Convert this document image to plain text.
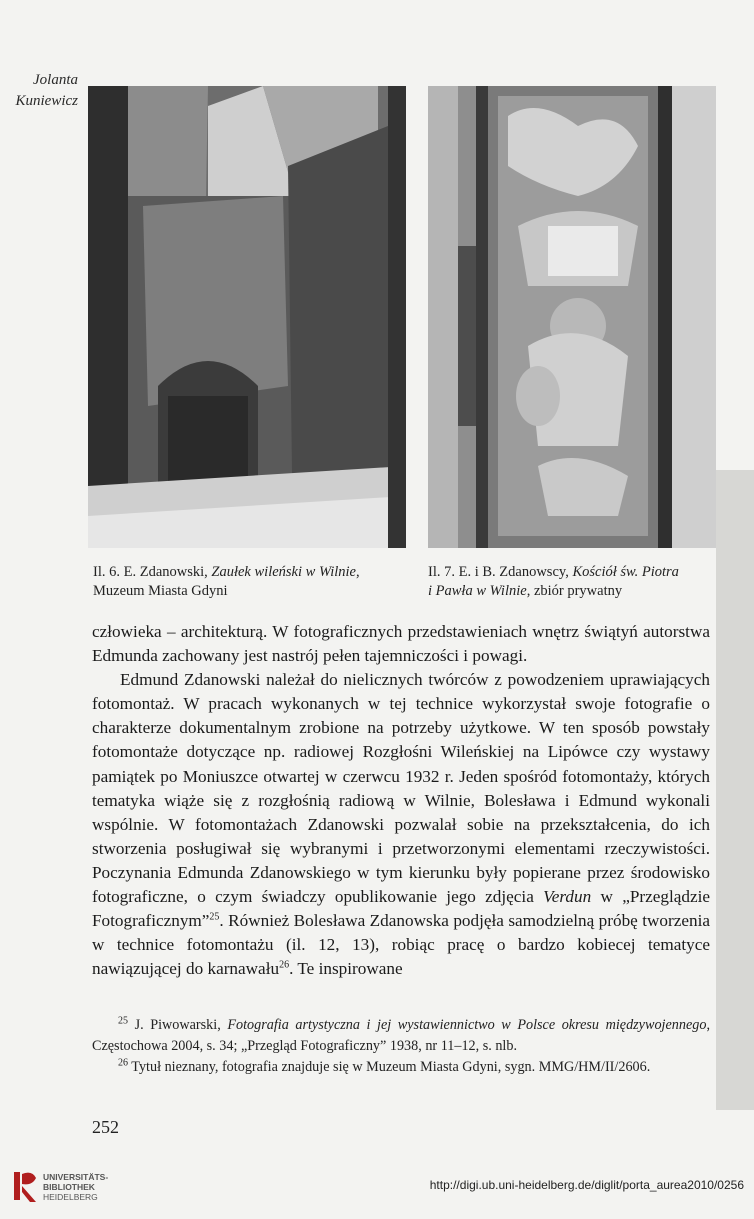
Jolanta
Kuniewicz
Il. 6. E. Zdanowski, Zaułek wileński w Wilnie,
Muzeum Miasta Gdyni
Il. 7. E. i B. Zdanowscy, Kościół św. Piotra
i Pawła w Wilnie, zbiór prywatny

człowieka – architekturą. W fotograficznych przedstawieniach wnętrz świątyń autorstwa Edmunda zachowany jest nastrój pełen tajemniczości i powagi.

Edmund Zdanowski należał do nielicznych twórców z powodzeniem uprawiających fotomontaż. W pracach wykonanych w tej technice wykorzystał swoje fotografie o charakterze dokumentalnym zrobione na potrzeby użytkowe. W ten sposób powstały fotomontaże dotyczące np. radiowej Rozgłośni Wileńskiej na Lipówce czy wystawy pamiątek po Moniuszce otwartej w czerwcu 1932 r. Jeden spośród fotomontaży, których tematyka wiąże się z rozgłośnią radiową w Wilnie, Bolesława i Edmund wykonali wspólnie. W fotomontażach Zdanowski pozwalał sobie na przekształcenia, do ich stworzenia posługiwał się wybranymi i przetworzonymi elementami rzeczywistości. Poczynania Edmunda Zdanowskiego w tym kierunku były popierane przez środowisko fotograficzne, o czym świadczy opublikowanie jego zdjęcia Verdun w „Przeglądzie Fotograficznym”$^{25}$. Również Bolesława Zdanowska podjęła samodzielną próbę tworzenia w technice fotomontażu (il. 12, 13), robiąc pracę o bardzo kobiecej tematyce nawiązującej do karnawału$^{26}$. Te inspirowane

$^{25}$ J. Piwowarski, Fotografia artystyczna i jej wystawiennictwo w Polsce okresu międzywojennego, Częstochowa 2004, s. 34; „Przegląd Fotograficzny” 1938, nr 11–12, s. nlb.

$^{26}$ Tytuł nieznany, fotografia znajduje się w Muzeum Miasta Gdyni, sygn. MMG/HM/II/2606.

252
UNIVERSITÄTS-
BIBLIOTHEK
HEIDELBERG
http://digi.ub.uni-heidelberg.de/diglit/porta_aurea2010/0256
